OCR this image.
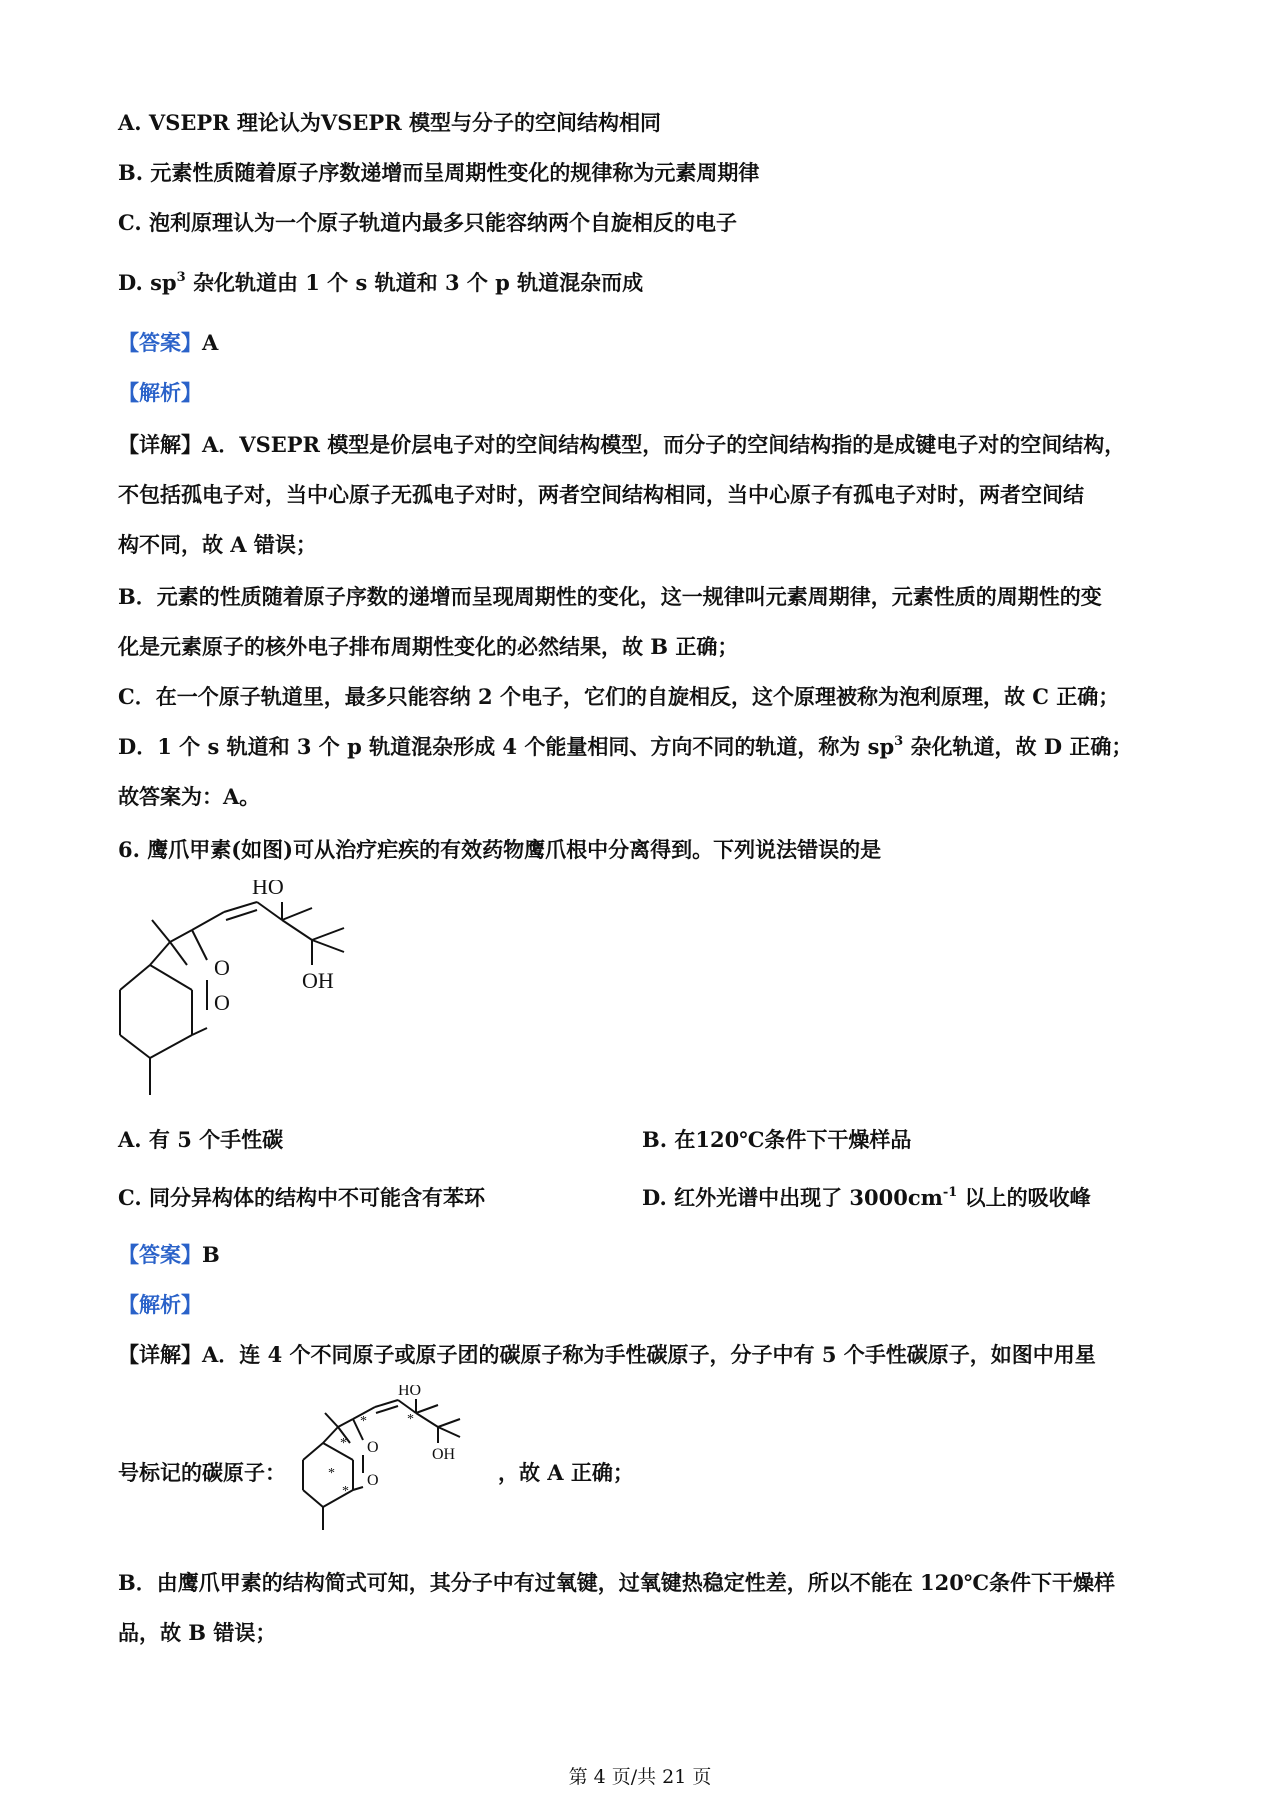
A. VSEPR 理论认为VSEPR 模型与分子的空间结构相同
B. 元素性质随着原子序数递增而呈周期性变化的规律称为元素周期律
C. 泡利原理认为一个原子轨道内最多只能容纳两个自旋相反的电子
D. $sp^3$ 杂化轨道由 1 个 s 轨道和 3 个 p 轨道混杂而成
【答案】A
【解析】
【详解】A．VSEPR 模型是价层电子对的空间结构模型，而分子的空间结构指的是成键电子对的空间结构，
不包括孤电子对，当中心原子无孤电子对时，两者空间结构相同，当中心原子有孤电子对时，两者空间结
构不同，故 A 错误；
B．元素的性质随着原子序数的递增而呈现周期性的变化，这一规律叫元素周期律，元素性质的周期性的变
化是元素原子的核外电子排布周期性变化的必然结果，故 B 正确；
C．在一个原子轨道里，最多只能容纳 2 个电子，它们的自旋相反，这个原理被称为泡利原理，故 C 正确；
D．1 个 s 轨道和 3 个 p 轨道混杂形成 4 个能量相同、方向不同的轨道，称为 $sp^3$ 杂化轨道，故 D 正确；
故答案为：A。
6. 鹰爪甲素(如图)可从治疗疟疾的有效药物鹰爪根中分离得到。下列说法错误的是
O
O
HO
OH
A. 有 5 个手性碳	B. 在120℃条件下干燥样品
C. 同分异构体的结构中不可能含有苯环	D. 红外光谱中出现了 $3000cm^{-1}$ 以上的吸收峰
【答案】B
【解析】
【详解】A．连 4 个不同原子或原子团的碳原子称为手性碳原子，分子中有 5 个手性碳原子，如图中用星
号标记的碳原子：
O
O
HO
OH
*
*	*
*
*
，故 A 正确；
B．由鹰爪甲素的结构简式可知，其分子中有过氧键，过氧键热稳定性差，所以不能在 120℃条件下干燥样
品，故 B 错误；
第 4 页/共 21 页
